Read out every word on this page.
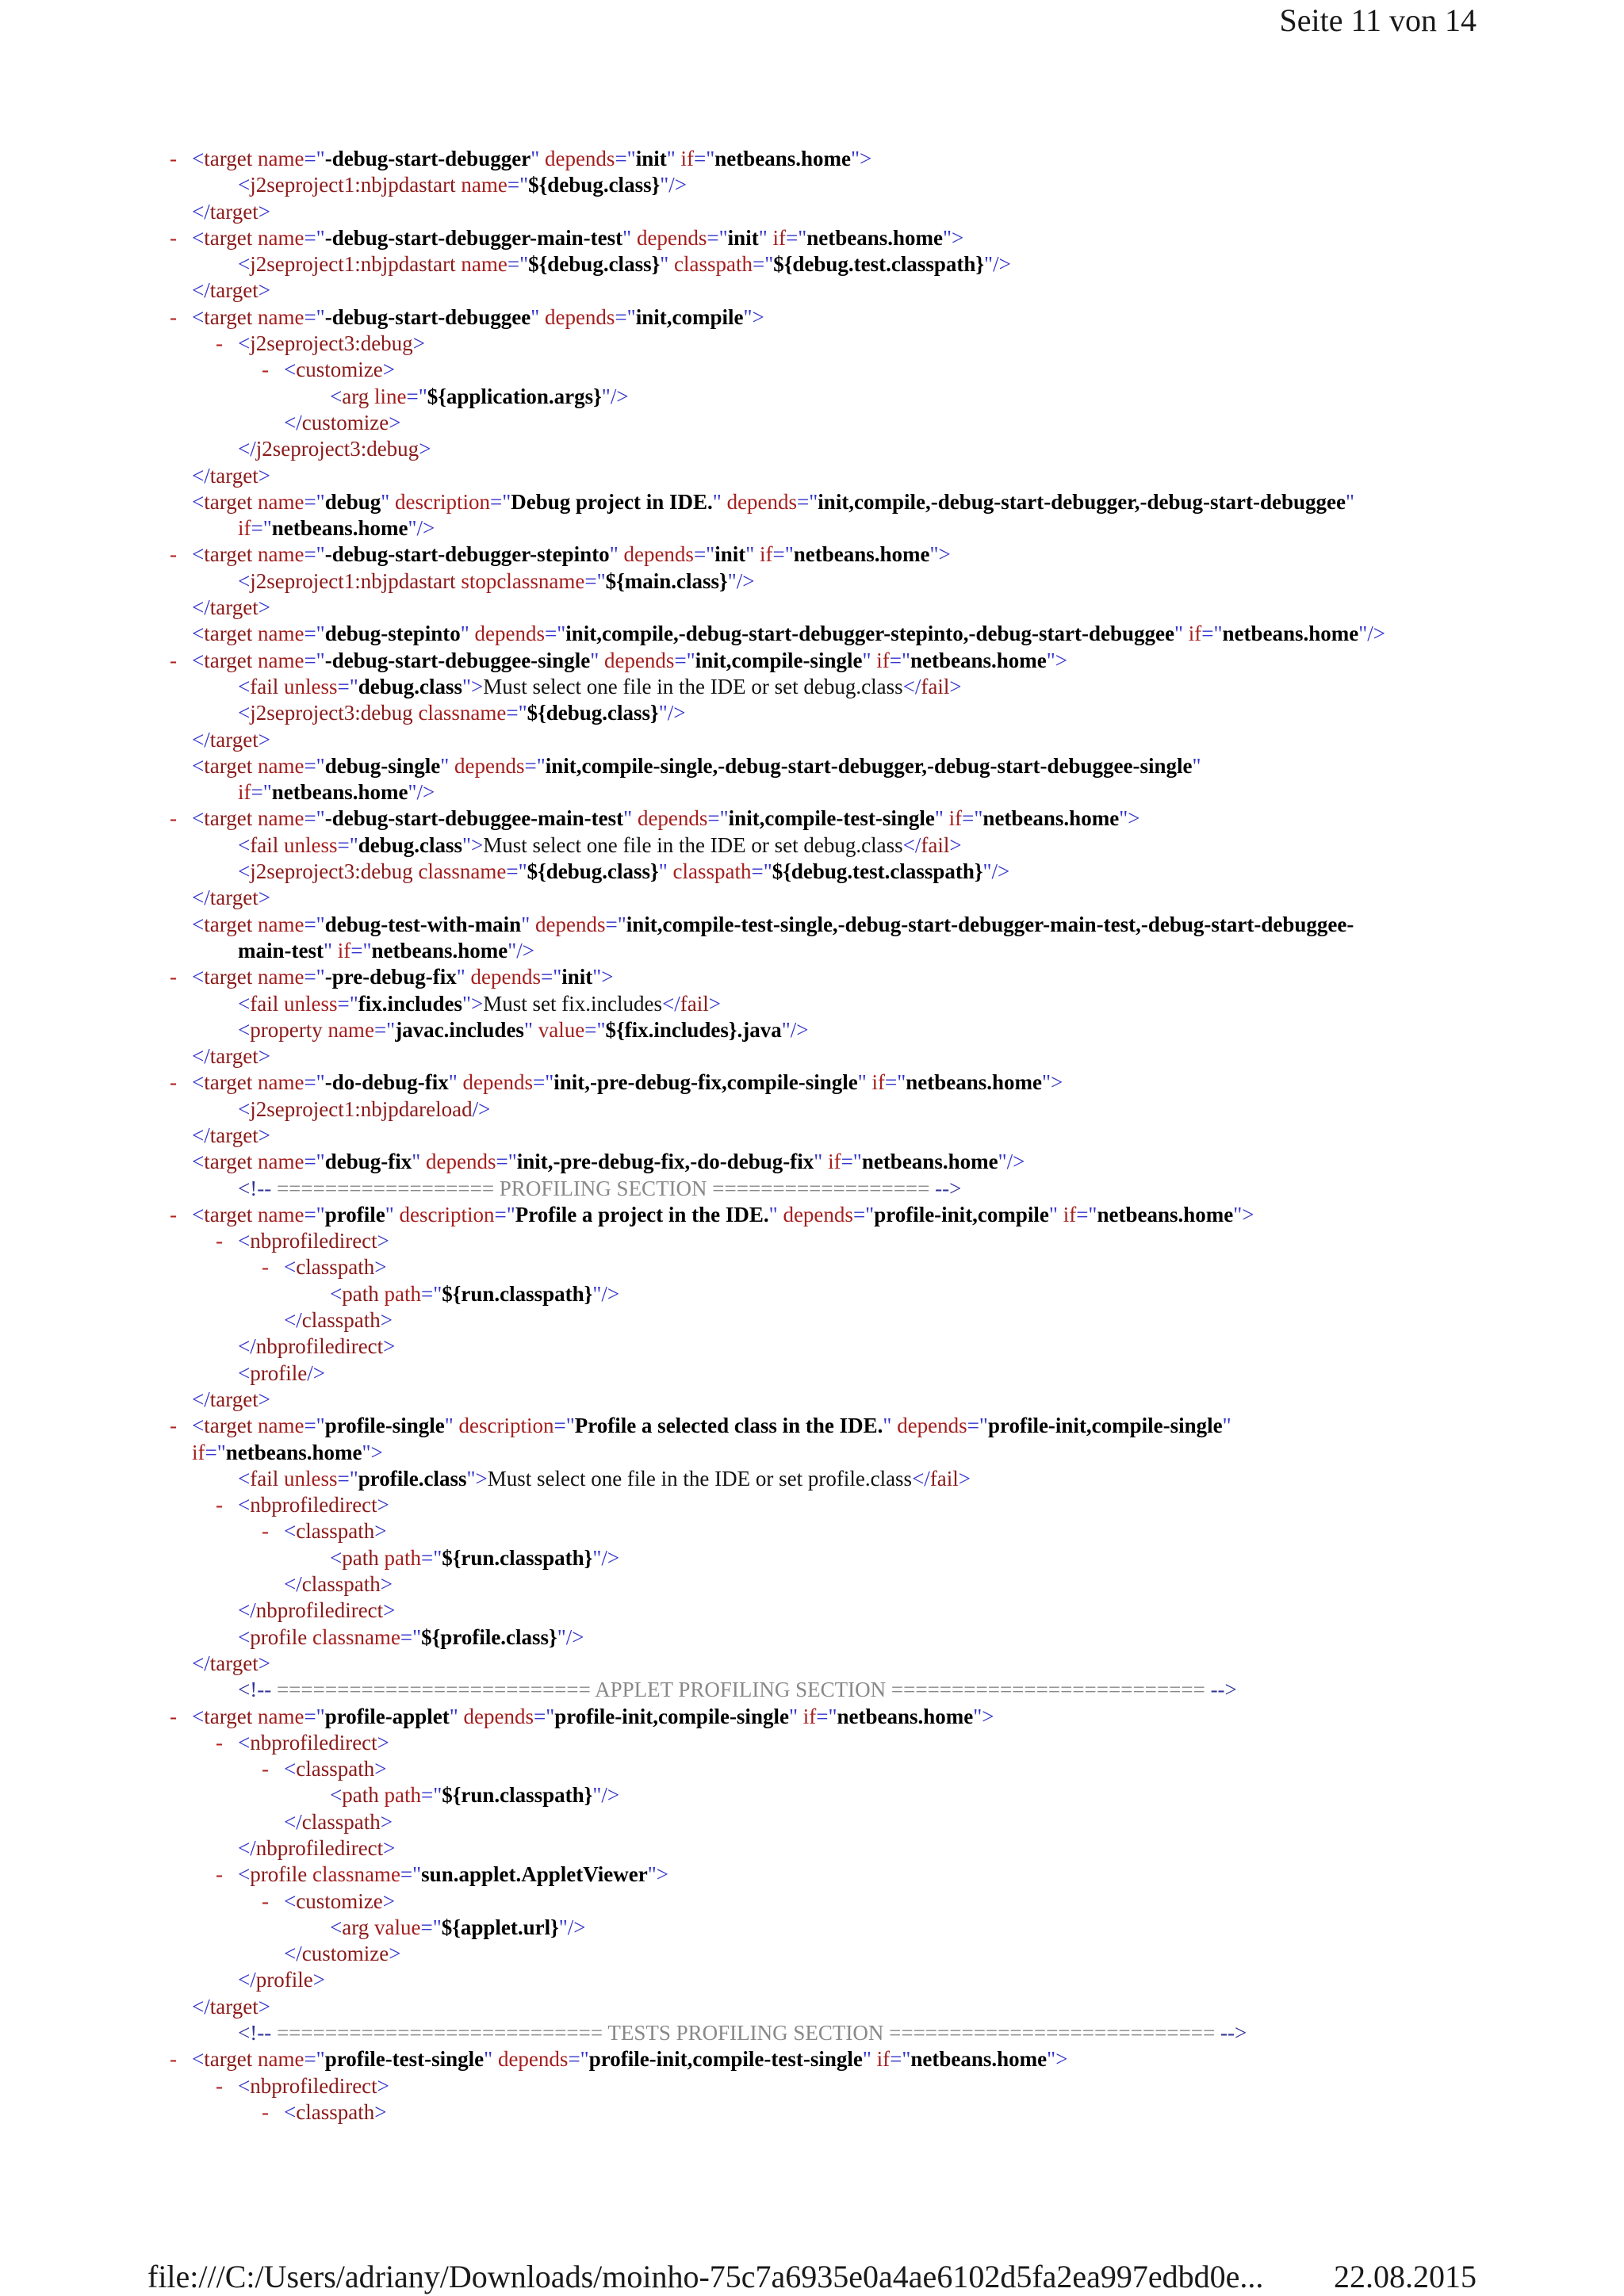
Seite 11 von 14
- <target name="-debug-start-debugger" depends="init" if="netbeans.home">
<j2seproject1:nbjpdastart name="${debug.class}"/>
</target>
- <target name="-debug-start-debugger-main-test" depends="init" if="netbeans.home">
<j2seproject1:nbjpdastart name="${debug.class}" classpath="${debug.test.classpath}"/>
</target>
- <target name="-debug-start-debuggee" depends="init,compile">
- <j2seproject3:debug>
- <customize>
<arg line="${application.args}"/>
</customize>
</j2seproject3:debug>
</target>
<target name="debug" description="Debug project in IDE." depends="init,compile,-debug-start-debugger,-debug-start-debuggee"
if="netbeans.home"/>
- <target name="-debug-start-debugger-stepinto" depends="init" if="netbeans.home">
<j2seproject1:nbjpdastart stopclassname="${main.class}"/>
</target>
<target name="debug-stepinto" depends="init,compile,-debug-start-debugger-stepinto,-debug-start-debuggee" if="netbeans.home"/>
- <target name="-debug-start-debuggee-single" depends="init,compile-single" if="netbeans.home">
<fail unless="debug.class">Must select one file in the IDE or set debug.class</fail>
<j2seproject3:debug classname="${debug.class}"/>
</target>
<target name="debug-single" depends="init,compile-single,-debug-start-debugger,-debug-start-debuggee-single"
if="netbeans.home"/>
- <target name="-debug-start-debuggee-main-test" depends="init,compile-test-single" if="netbeans.home">
<fail unless="debug.class">Must select one file in the IDE or set debug.class</fail>
<j2seproject3:debug classname="${debug.class}" classpath="${debug.test.classpath}"/>
</target>
<target name="debug-test-with-main" depends="init,compile-test-single,-debug-start-debugger-main-test,-debug-start-debuggee-
main-test" if="netbeans.home"/>
- <target name="-pre-debug-fix" depends="init">
<fail unless="fix.includes">Must set fix.includes</fail>
<property name="javac.includes" value="${fix.includes}.java"/>
</target>
- <target name="-do-debug-fix" depends="init,-pre-debug-fix,compile-single" if="netbeans.home">
<j2seproject1:nbjpdareload/>
</target>
<target name="debug-fix" depends="init,-pre-debug-fix,-do-debug-fix" if="netbeans.home"/>
<!-- ================== PROFILING SECTION ================== -->
- <target name="profile" description="Profile a project in the IDE." depends="profile-init,compile" if="netbeans.home">
- <nbprofiledirect>
- <classpath>
<path path="${run.classpath}"/>
</classpath>
</nbprofiledirect>
<profile/>
</target>
- <target name="profile-single" description="Profile a selected class in the IDE." depends="profile-init,compile-single"
if="netbeans.home">
<fail unless="profile.class">Must select one file in the IDE or set profile.class</fail>
- <nbprofiledirect>
- <classpath>
<path path="${run.classpath}"/>
</classpath>
</nbprofiledirect>
<profile classname="${profile.class}"/>
</target>
<!-- ========================== APPLET PROFILING SECTION ========================== -->
- <target name="profile-applet" depends="profile-init,compile-single" if="netbeans.home">
- <nbprofiledirect>
- <classpath>
<path path="${run.classpath}"/>
</classpath>
</nbprofiledirect>
- <profile classname="sun.applet.AppletViewer">
- <customize>
<arg value="${applet.url}"/>
</customize>
</profile>
</target>
<!-- =========================== TESTS PROFILING SECTION =========================== -->
- <target name="profile-test-single" depends="profile-init,compile-test-single" if="netbeans.home">
- <nbprofiledirect>
- <classpath>
file:///C:/Users/adriany/Downloads/moinho-75c7a6935e0a4ae6102d5fa2ea997edbd0e... 22.08.2015
